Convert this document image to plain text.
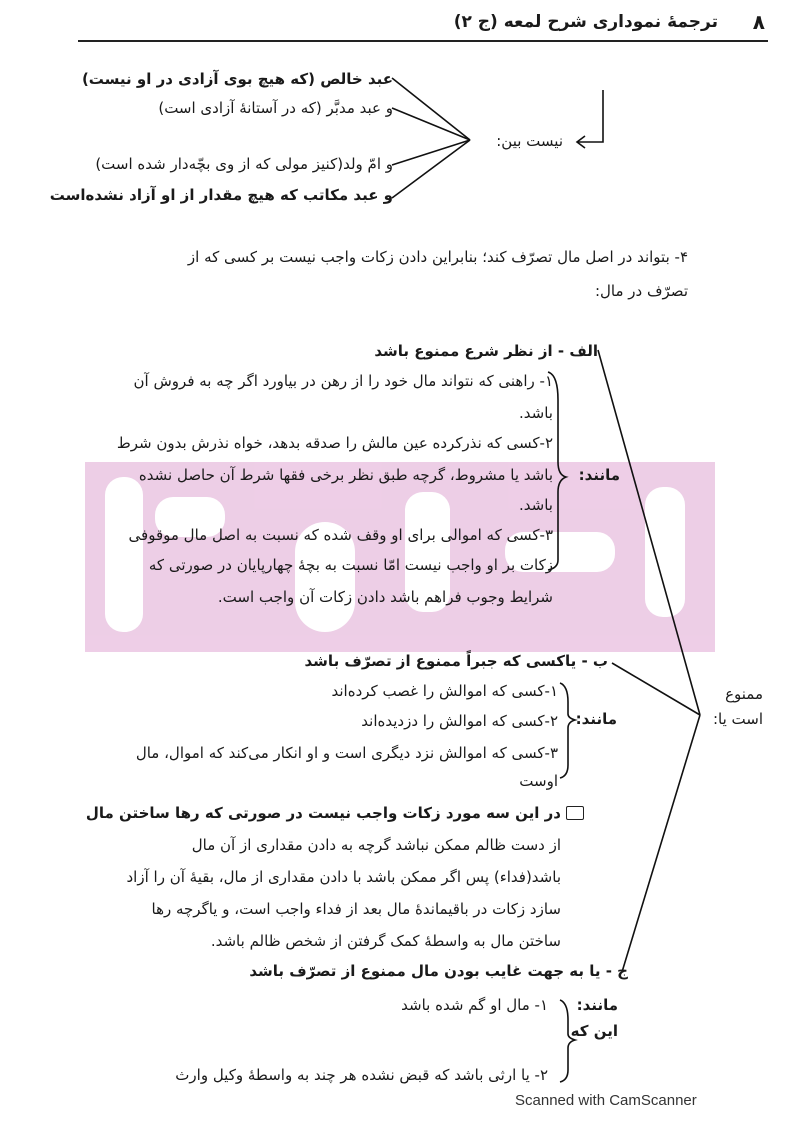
ترجمهٔ نموداری شرح لمعه (ج ۲) ۸
عبد خالص (که هیچ بوی آزادی در او نیست)
و عبد مدبَّر (که در آستانهٔ آزادی است)
و امّ ولد(کنیز مولی که از وی بچّه‌دار شده است)
و عبد مکاتب که هیچ مقدار از او آزاد نشده‌است
نیست بین:
۴- بتواند در اصل مال تصرّف کند؛ بنابراین دادن زکات واجب نیست بر کسی که از
تصرّف در مال:
ممنوع
است یا:
الف - از نظر شرع ممنوع باشد
مانند:
۱- راهنی که نتواند مال خود را از رهن در بیاورد اگر چه به فروش آن
باشد.
۲-کسی که نذرکرده عین مالش را صدقه بدهد، خواه نذرش بدون شرط
باشد یا مشروط، گرچه طبق نظر برخی فقها شرط آن حاصل نشده
باشد.
۳-کسی که اموالی برای او وقف شده که نسبت به اصل مال موقوفی
زکات بر او واجب نیست امّا نسبت به بچهٔ چهارپایان در صورتی که
شرایط وجوب فراهم باشد دادن زکات آن واجب است.
ب - یاکسی که جبراً ممنوع از تصرّف باشد
مانند:
۱-کسی که اموالش را غصب کرده‌اند
۲-کسی که اموالش را دزدیده‌اند
۳-کسی که اموالش نزد دیگری است و او انکار می‌کند که اموال، مال
اوست
در این سه مورد زکات واجب نیست در صورتی که رها ساختن مال
از دست ظالم ممکن نباشد گرچه به دادن مقداری از آن مال
باشد(فداء) پس اگر ممکن باشد با دادن مقداری از مال، بقیهٔ آن را آزاد
سازد زکات در باقیماندهٔ مال بعد از فداء واجب است، و یاگرچه رها
ساختن مال به واسطهٔ کمک گرفتن از شخص ظالم باشد.
ج - یا به جهت غایب بودن مال ممنوع از تصرّف باشد
مانند:
این که
۱- مال او گم شده باشد
۲- یا ارثی باشد که قبض نشده هر چند به واسطهٔ وکیل وارث
Scanned with CamScanner
